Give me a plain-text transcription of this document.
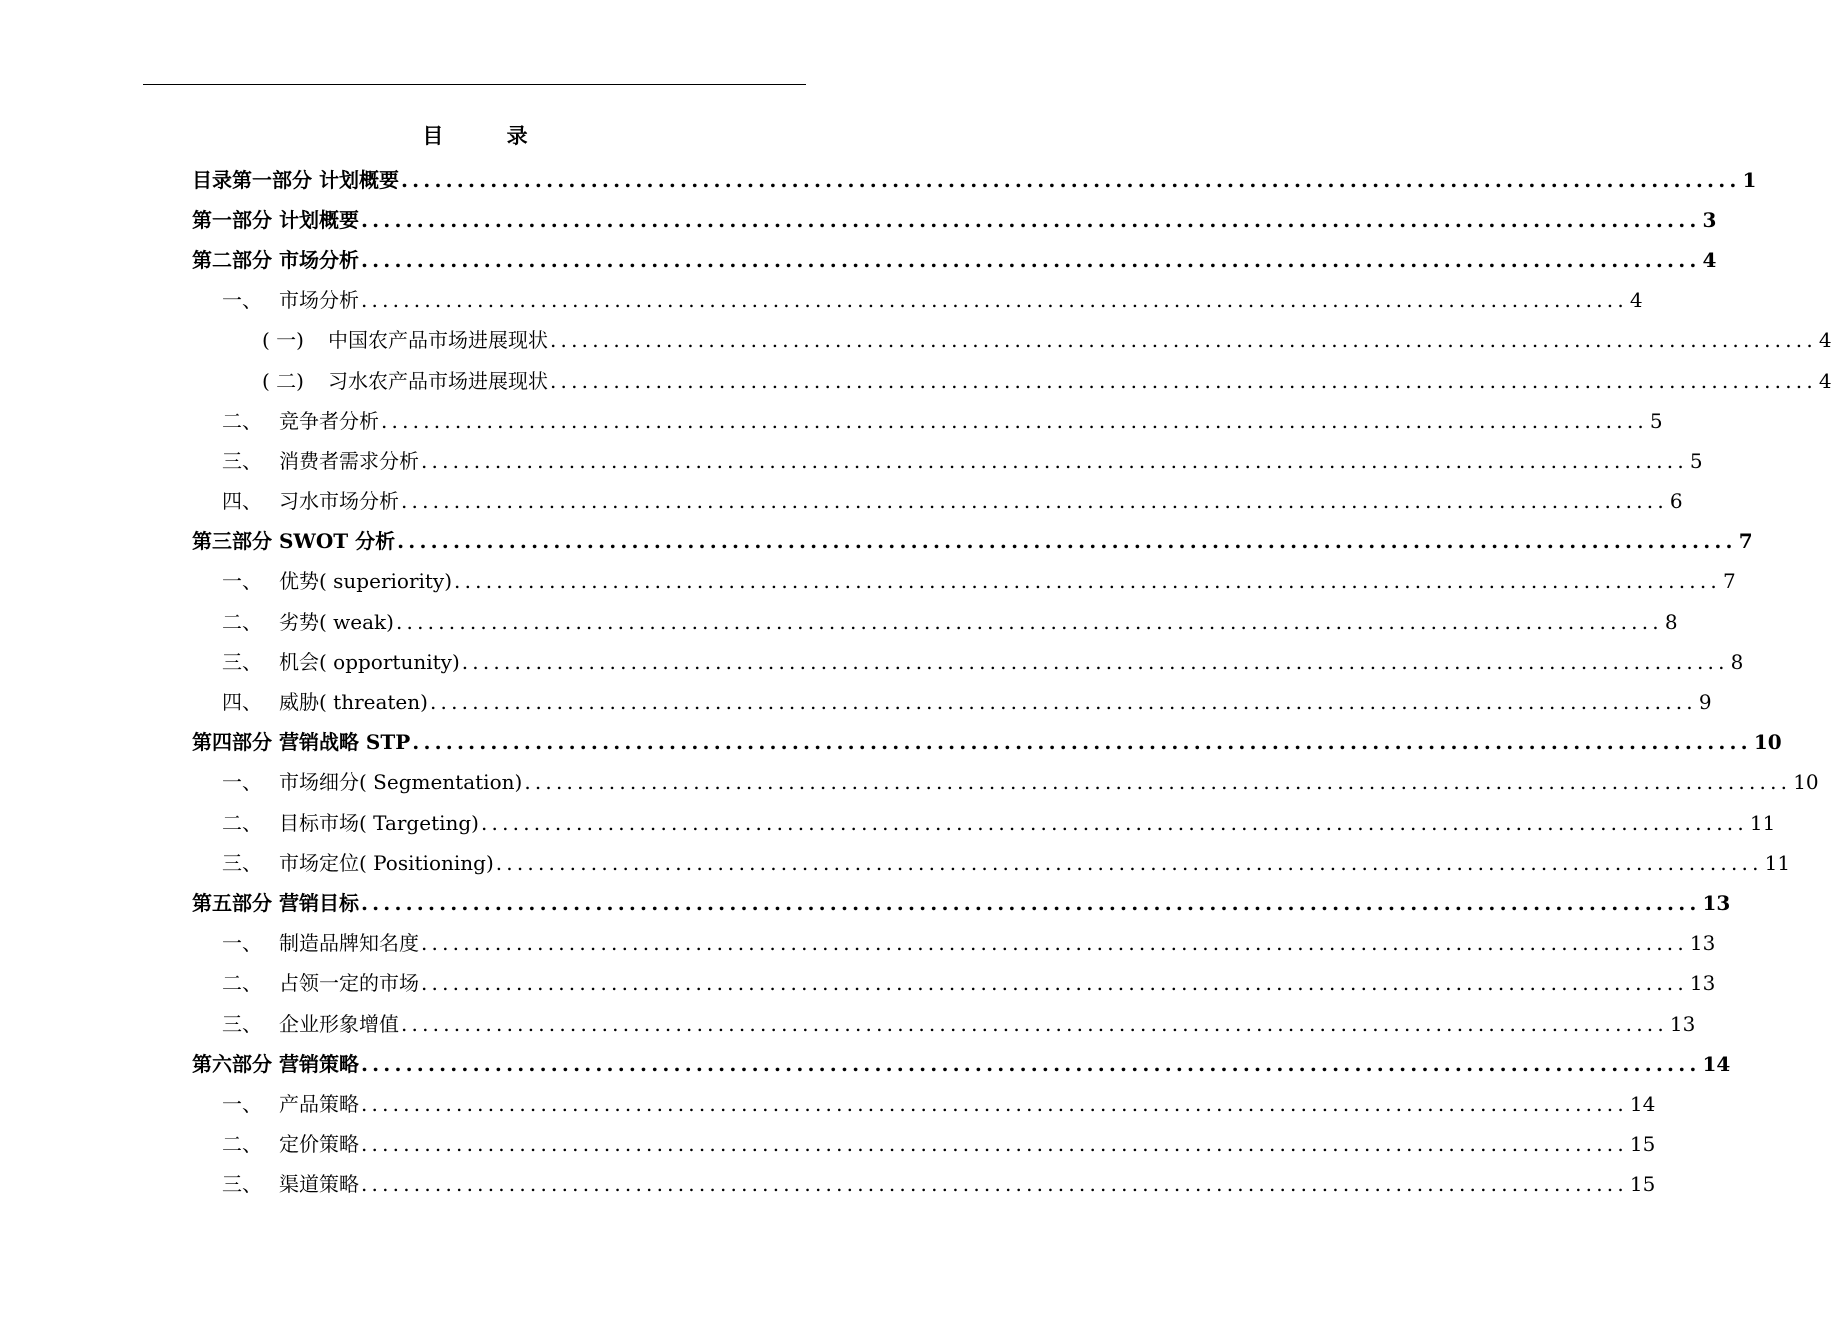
目 录
目录第一部分 计划概要 ........................................................................................................................ 1
第一部分 计划概要 ........................................................................................................................ 3
第二部分 市场分析 ........................................................................................................................ 4
一、 市场分析 ........................................................................................................................ 4
( 一)	中国农产品市场进展现状 ........................................................................................................................ 4
( 二)	习水农产品市场进展现状 ........................................................................................................................ 4
二、 竞争者分析 ........................................................................................................................ 5
三、 消费者需求分析 ........................................................................................................................ 5
四、 习水市场分析 ........................................................................................................................ 6
第三部分 SWOT 分析 ........................................................................................................................ 7
一、 优势( superiority) ........................................................................................................................ 7
二、 劣势( weak) ........................................................................................................................ 8
三、 机会( opportunity) ........................................................................................................................ 8
四、 威胁( threaten) ........................................................................................................................ 9
第四部分 营销战略 STP ........................................................................................................................ 10
一、 市场细分( Segmentation) ........................................................................................................................ 10
二、 目标市场( Targeting) ........................................................................................................................ 11
三、 市场定位( Positioning) ........................................................................................................................ 11
第五部分 营销目标 ........................................................................................................................ 13
一、 制造品牌知名度 ........................................................................................................................ 13
二、 占领一定的市场 ........................................................................................................................ 13
三、 企业形象增值 ........................................................................................................................ 13
第六部分 营销策略 ........................................................................................................................ 14
一、 产品策略 ........................................................................................................................ 14
二、 定价策略 ........................................................................................................................ 15
三、 渠道策略 ........................................................................................................................ 15
